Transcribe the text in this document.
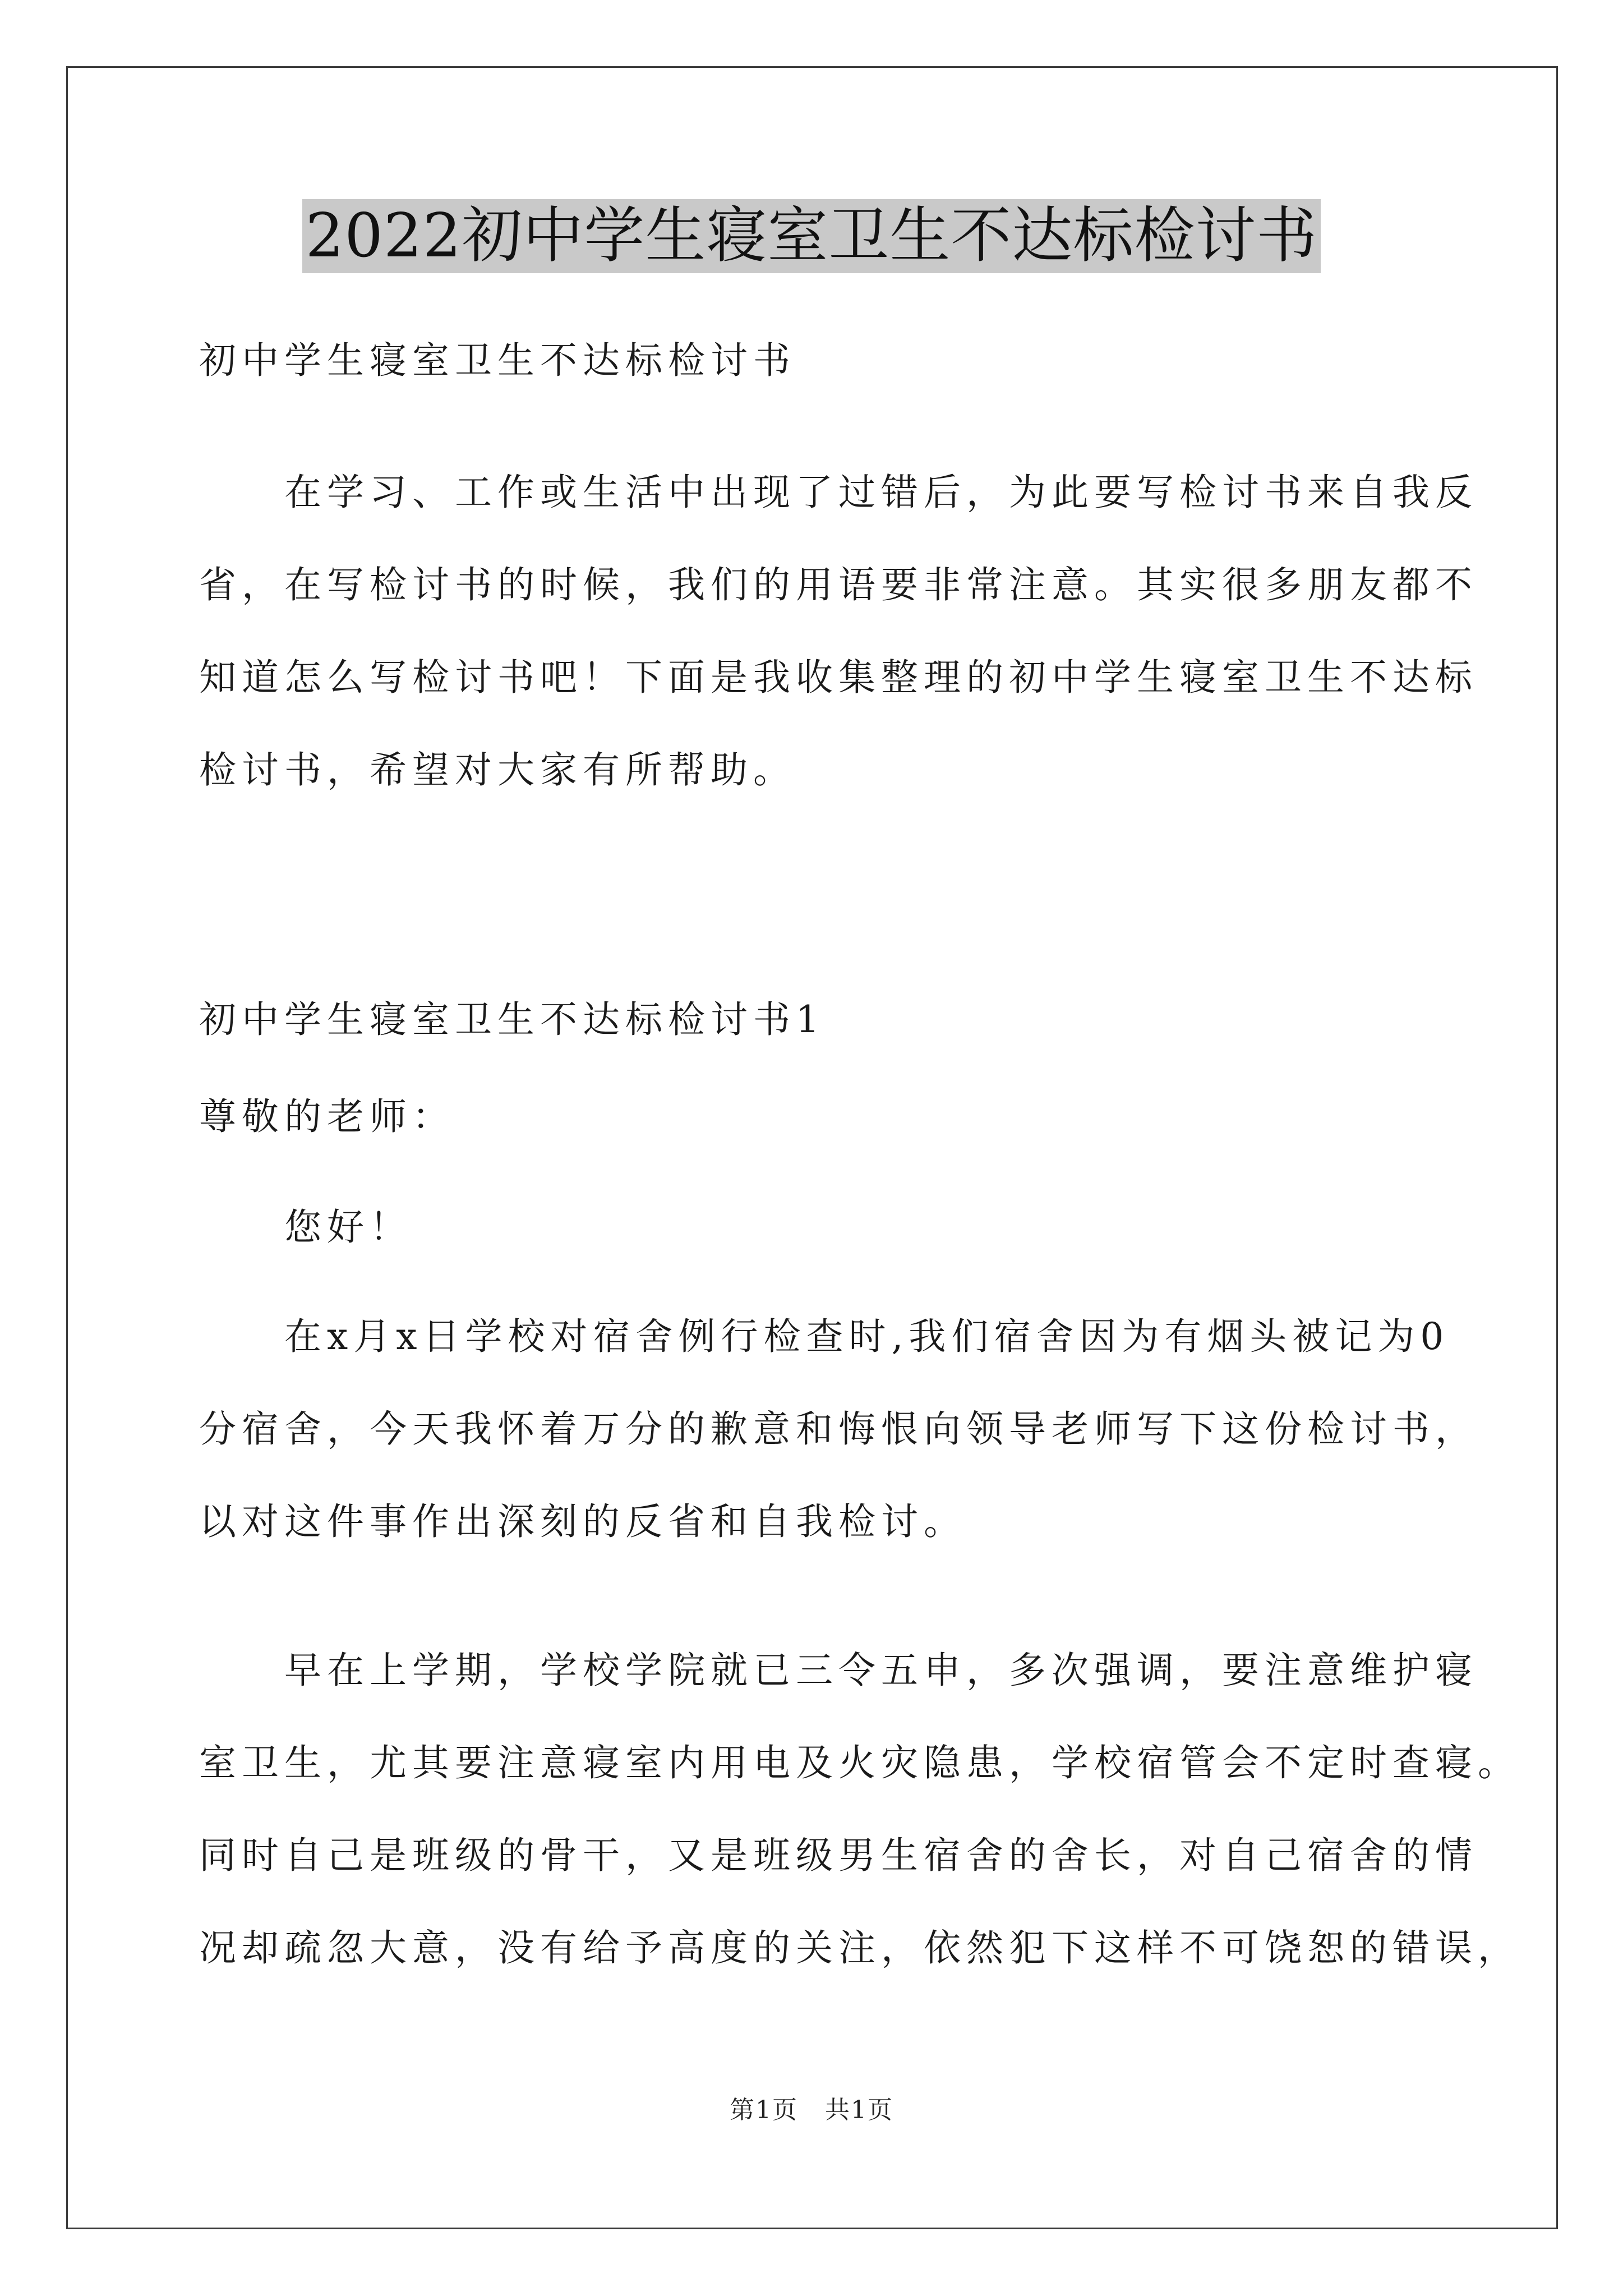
2022初中学生寝室卫生不达标检讨书
初中学生寝室卫生不达标检讨书
　　在学习、工作或生活中出现了过错后，为此要写检讨书来自我反
省，在写检讨书的时候，我们的用语要非常注意。其实很多朋友都不
知道怎么写检讨书吧！下面是我收集整理的初中学生寝室卫生不达标
检讨书，希望对大家有所帮助。
初中学生寝室卫生不达标检讨书1
尊敬的老师：
　　您好！
　　在x月x日学校对宿舍例行检查时,我们宿舍因为有烟头被记为0
分宿舍，今天我怀着万分的歉意和悔恨向领导老师写下这份检讨书，
以对这件事作出深刻的反省和自我检讨。
　　早在上学期，学校学院就已三令五申，多次强调，要注意维护寝
室卫生，尤其要注意寝室内用电及火灾隐患，学校宿管会不定时查寝。
同时自己是班级的骨干，又是班级男生宿舍的舍长，对自己宿舍的情
况却疏忽大意，没有给予高度的关注，依然犯下这样不可饶恕的错误，
第1页 共1页
